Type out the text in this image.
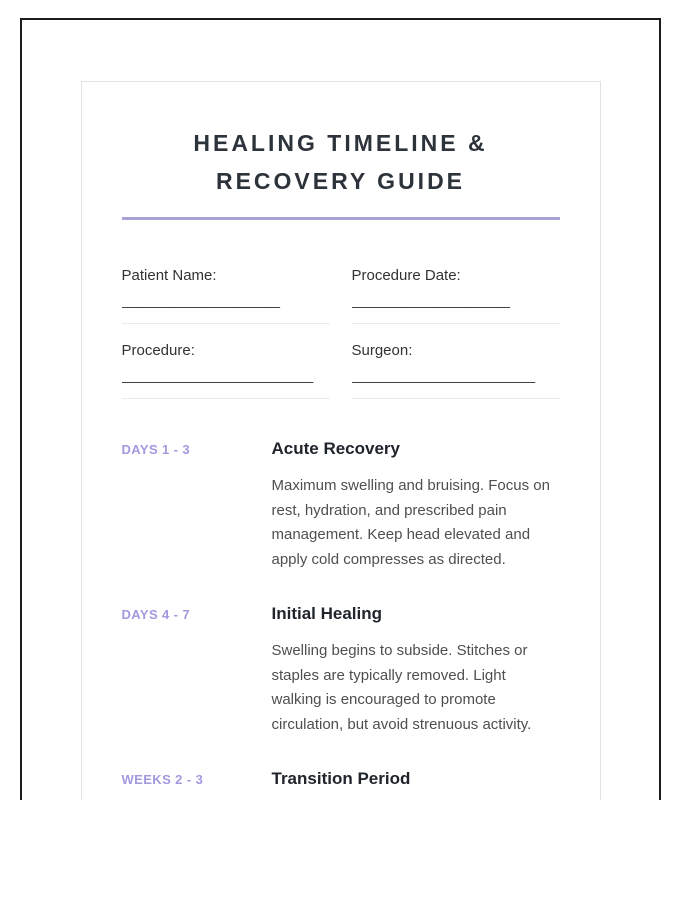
HEALING TIMELINE &
RECOVERY GUIDE
Patient Name:
___________________
Procedure Date:
___________________
Procedure:
_______________________
Surgeon:
______________________
DAYS 1 - 3	Acute Recovery

Maximum swelling and bruising. Focus on rest, hydration, and prescribed pain management. Keep head elevated and apply cold compresses as directed.

DAYS 4 - 7	Initial Healing

Swelling begins to subside. Stitches or staples are typically removed. Light walking is encouraged to promote circulation, but avoid strenuous activity.

WEEKS 2 - 3	Transition Period
